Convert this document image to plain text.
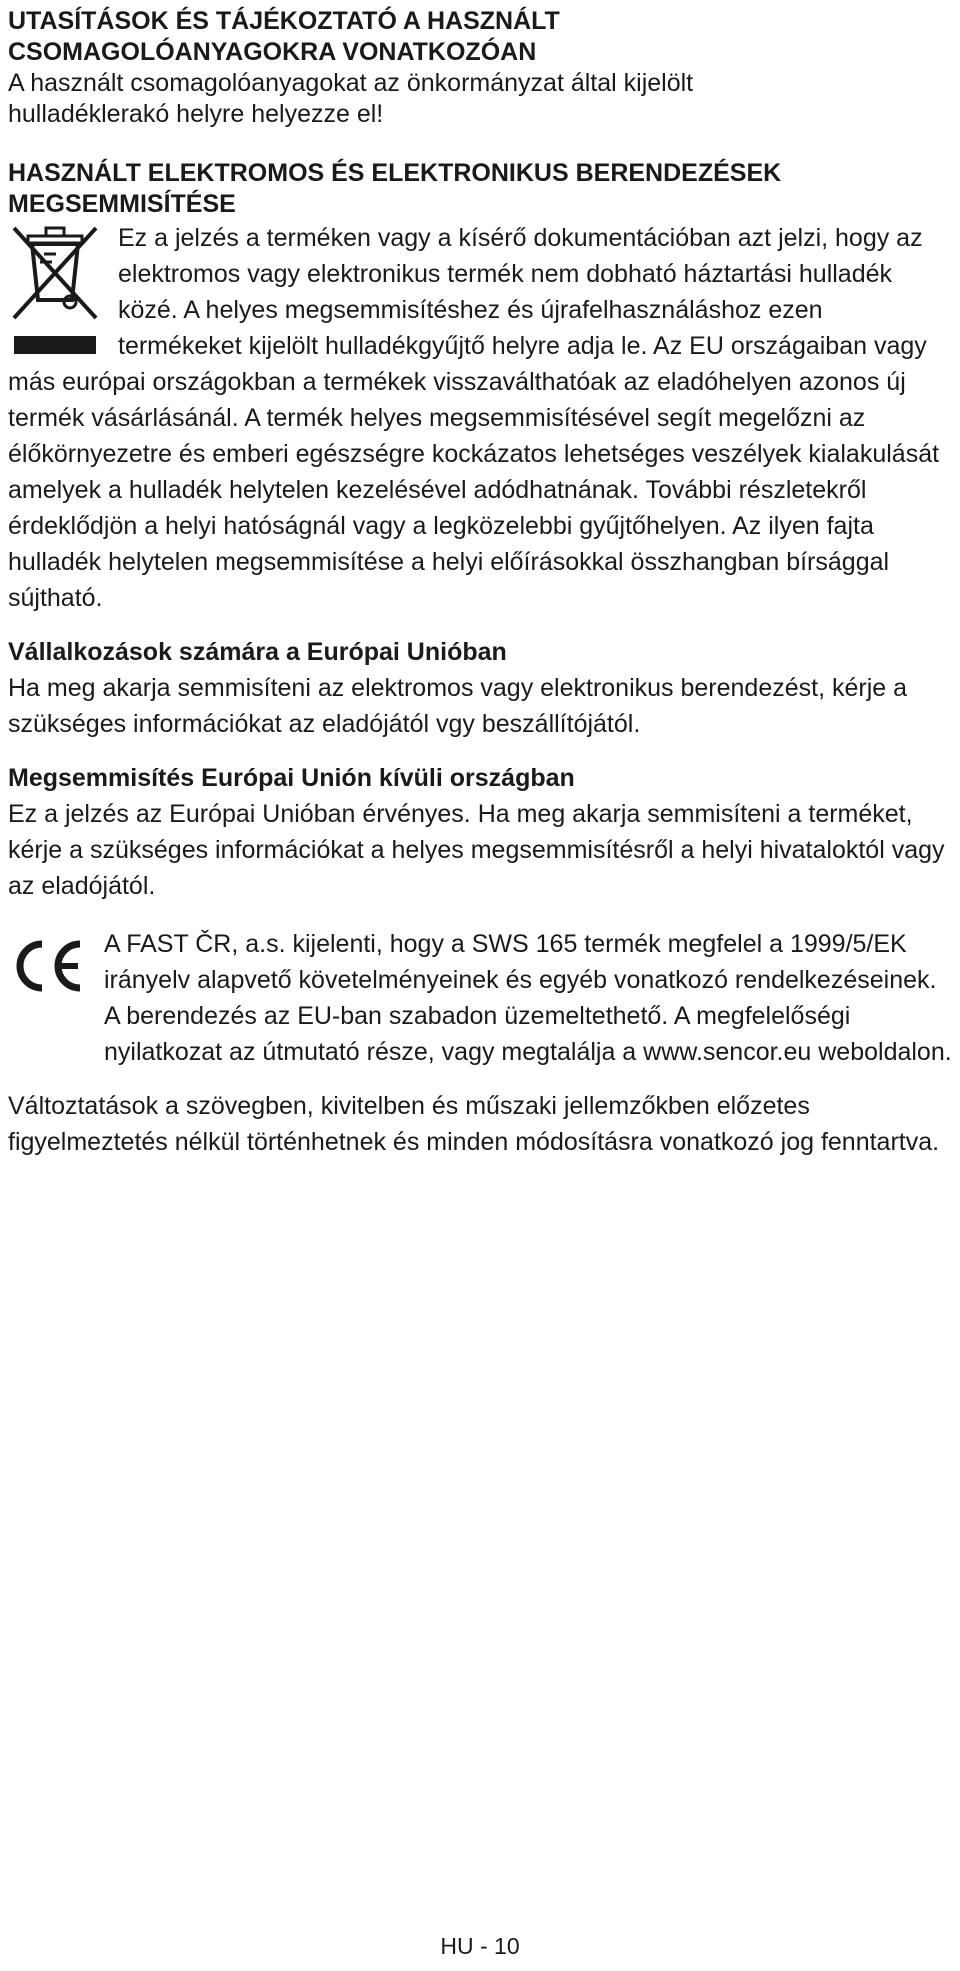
UTASÍTÁSOK ÉS TÁJÉKOZTATÓ A HASZNÁLT

CSOMAGOLÓANYAGOKRA VONATKOZÓAN

A használt csomagolóanyagokat az önkormányzat által kijelölt

hulladéklerakó helyre helyezze el!

HASZNÁLT ELEKTROMOS ÉS ELEKTRONIKUS BERENDEZÉSEK

MEGSEMMISÍTÉSE

Ez a jelzés a terméken vagy a kísérő dokumentációban azt jelzi, hogy az elektromos vagy elektronikus termék nem dobható háztartási hulladék közé. A helyes megsemmisítéshez és újrafelhasználáshoz ezen termékeket kijelölt hulladékgyűjtő helyre adja le. Az EU országaiban vagy más európai országokban a termékek visszaválthatóak az eladóhelyen azonos új termék vásárlásánál. A termék helyes megsemmisítésével segít megelőzni az élőkörnyezetre és emberi egészségre kockázatos lehetséges veszélyek kialakulását amelyek a hulladék helytelen kezelésével adódhatnának. További részletekről érdeklődjön a helyi hatóságnál vagy a legközelebbi gyűjtőhelyen. Az ilyen fajta hulladék helytelen megsemmisítése a helyi előírásokkal összhangban bírsággal sújtható.

Vállalkozások számára a Európai Unióban

Ha meg akarja semmisíteni az elektromos vagy elektronikus berendezést, kérje a szükséges információkat az eladójától vgy beszállítójától.

Megsemmisítés Európai Unión kívüli országban

Ez a jelzés az Európai Unióban érvényes. Ha meg akarja semmisíteni a terméket, kérje a szükséges információkat a helyes megsemmisítésről a helyi hivataloktól vagy az eladójától.

A FAST ČR, a.s. kijelenti, hogy a SWS 165 termék megfelel a 1999/5/EK irányelv alapvető követelményeinek és egyéb vonatkozó rendelkezéseinek. A berendezés az EU-ban szabadon üzemeltethető. A megfelelőségi nyilatkozat az útmutató része, vagy megtalálja a www.sencor.eu weboldalon.

Változtatások a szövegben, kivitelben és műszaki jellemzőkben előzetes figyelmeztetés nélkül történhetnek és minden módosításra vonatkozó jog fenntartva.

HU - 10
